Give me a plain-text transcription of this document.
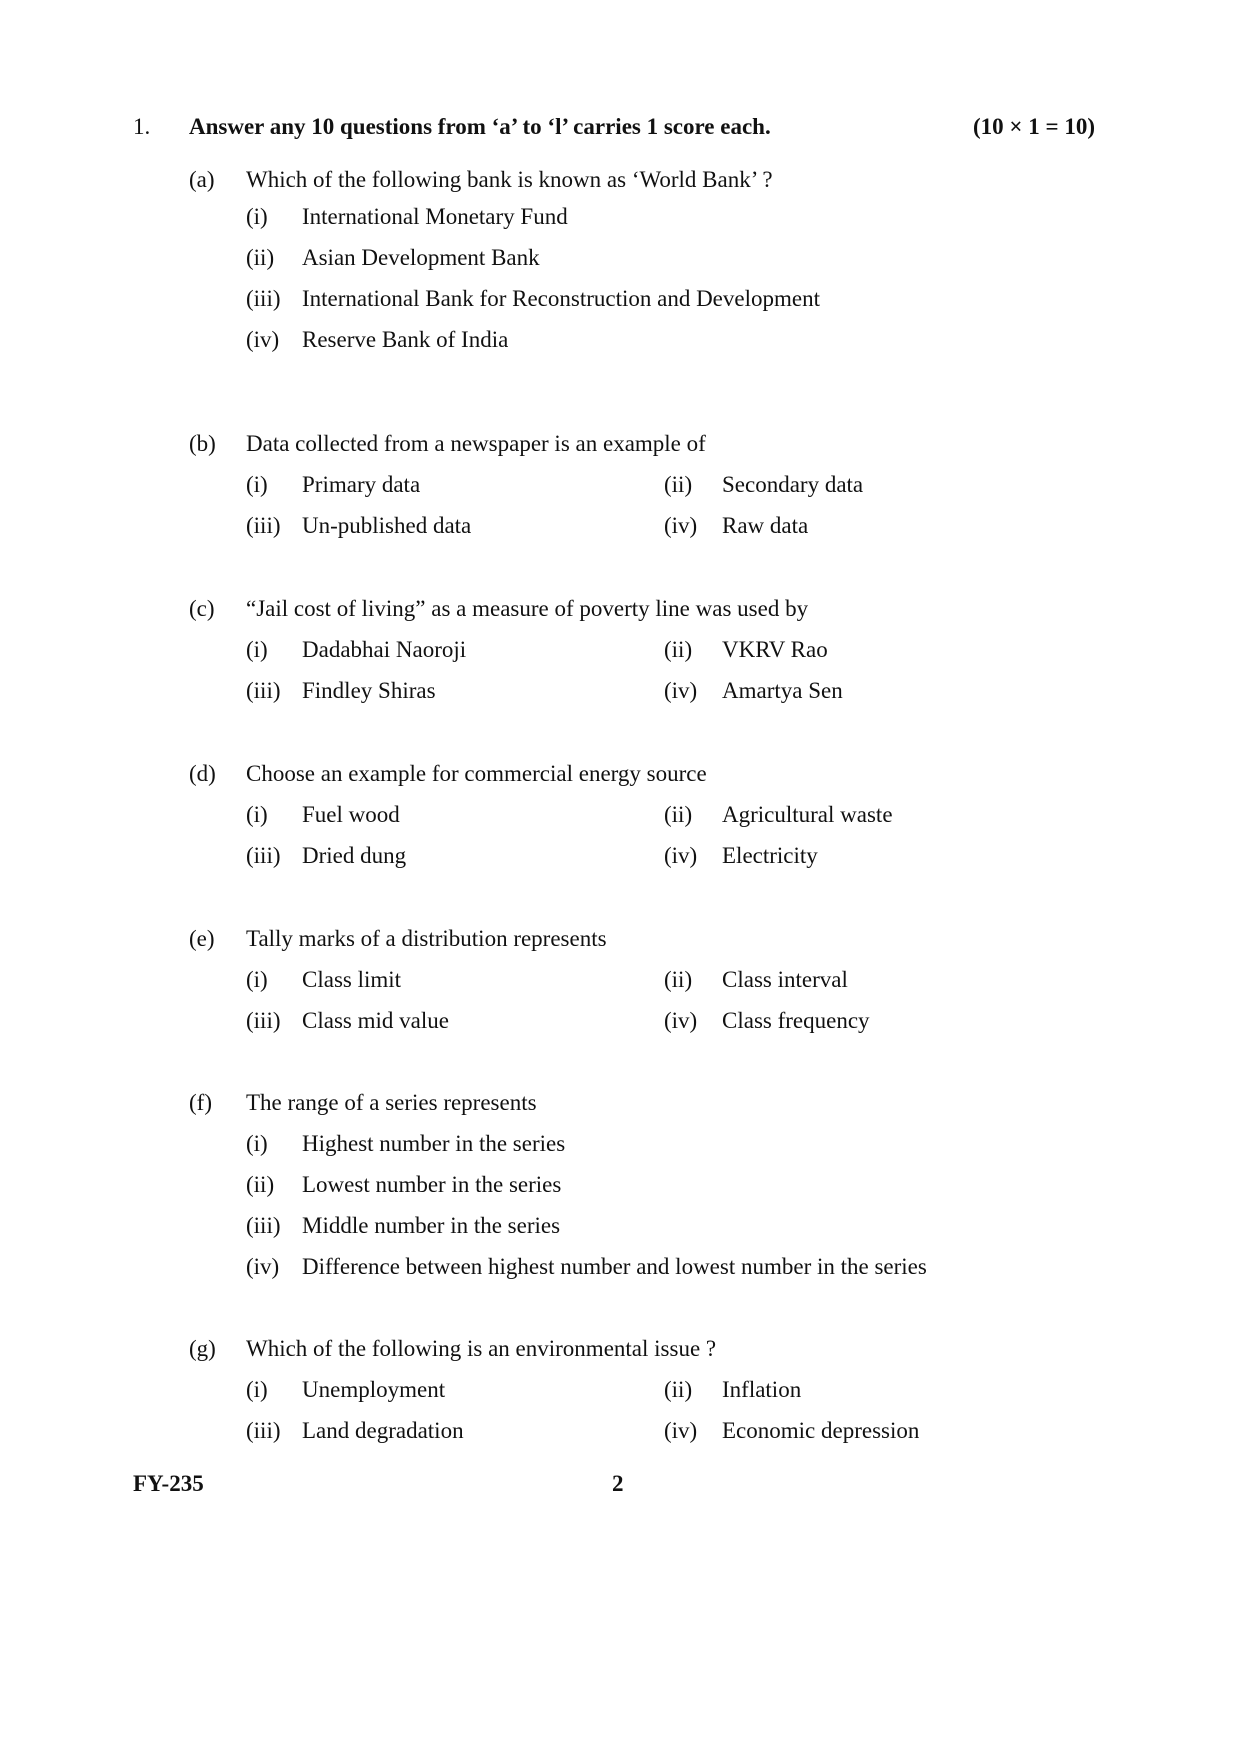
1. Answer any 10 questions from ‘a’ to ‘l’ carries 1 score each.	(10 × 1 = 10)
(a) Which of the following bank is known as ‘World Bank’ ?
(i) International Monetary Fund
(ii) Asian Development Bank
(iii) International Bank for Reconstruction and Development
(iv) Reserve Bank of India
(b) Data collected from a newspaper is an example of
(i) Primary data	(ii) Secondary data
(iii) Un-published data	(iv) Raw data
(c) “Jail cost of living” as a measure of poverty line was used by
(i) Dadabhai Naoroji	(ii) VKRV Rao
(iii) Findley Shiras	(iv) Amartya Sen
(d) Choose an example for commercial energy source
(i) Fuel wood	(ii) Agricultural waste
(iii) Dried dung	(iv) Electricity
(e) Tally marks of a distribution represents
(i) Class limit	(ii) Class interval
(iii) Class mid value	(iv) Class frequency
(f) The range of a series represents
(i) Highest number in the series
(ii) Lowest number in the series
(iii) Middle number in the series
(iv) Difference between highest number and lowest number in the series
(g) Which of the following is an environmental issue ?
(i) Unemployment	(ii) Inflation
(iii) Land degradation	(iv) Economic depression
FY-235	2
